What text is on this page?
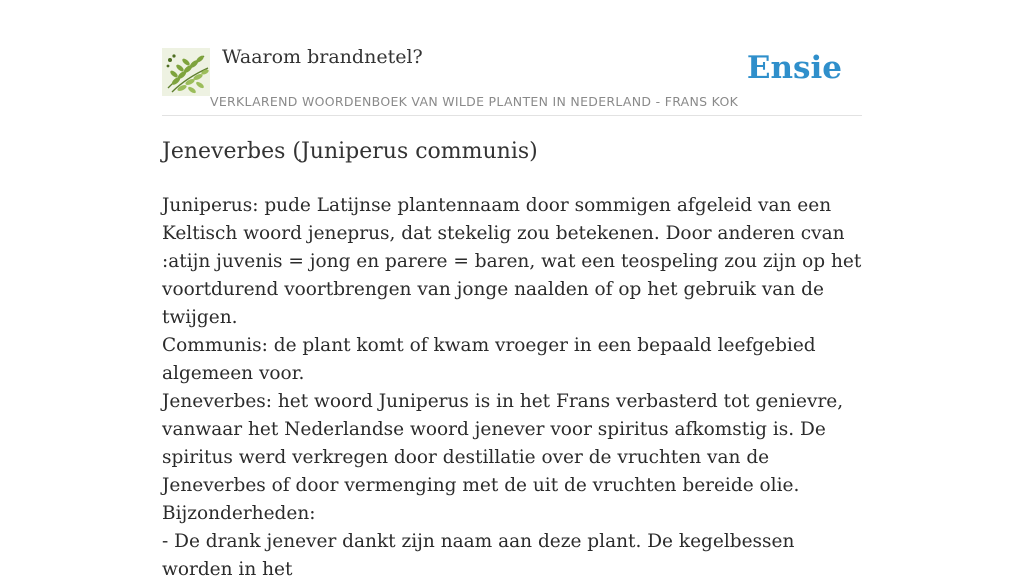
Waarom brandnetel?
VERKLAREND WOORDENBOEK VAN WILDE PLANTEN IN NEDERLAND - FRANS KOK
Ensie
Jeneverbes (Juniperus communis)

Juniperus: pude Latijnse plantennaam door sommigen afgeleid van een Keltisch woord jeneprus, dat stekelig zou betekenen. Door anderen cvan :atijn juvenis = jong en parere = baren, wat een teospeling zou zijn op het voortdurend voortbrengen van jonge naalden of op het gebruik van de twijgen.

Communis: de plant komt of kwam vroeger in een bepaald leefgebied algemeen voor.

Jeneverbes: het woord Juniperus is in het Frans verbasterd tot genievre, vanwaar het Nederlandse woord jenever voor spiritus afkomstig is. De spiritus werd verkregen door destillatie over de vruchten van de Jeneverbes of door vermenging met de uit de vruchten bereide olie.

Bijzonderheden:

- De drank jenever dankt zijn naam aan deze plant. De kegelbessen worden in het
